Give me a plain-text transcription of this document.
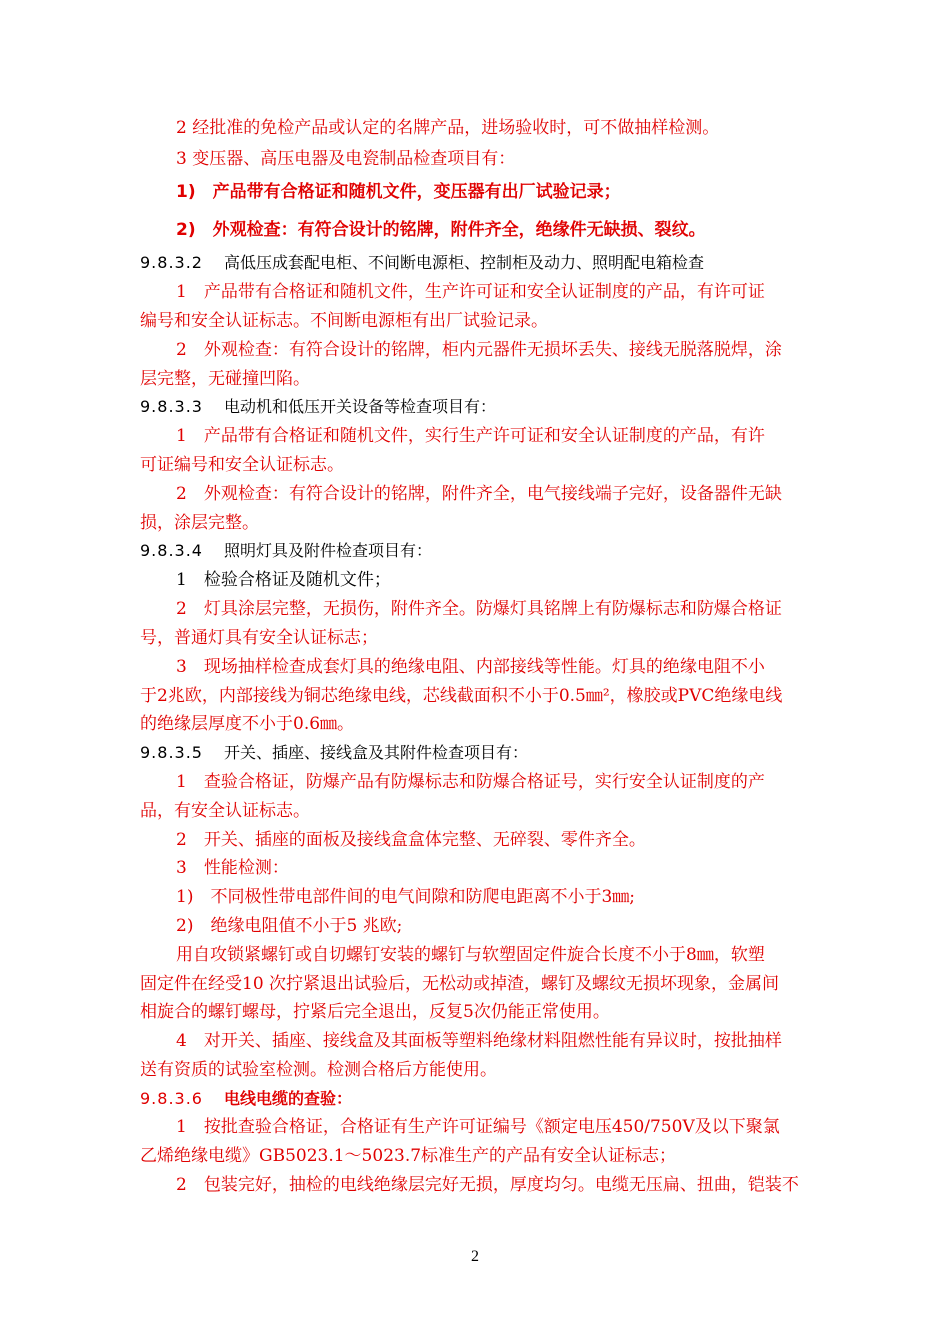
2 经批准的免检产品或认定的名牌产品，进场验收时，可不做抽样检测。
3 变压器、高压电器及电瓷制品检查项目有：
1)　产品带有合格证和随机文件，变压器有出厂试验记录；
2)　外观检查：有符合设计的铭牌，附件齐全，绝缘件无缺损、裂纹。
9.8.3.2 高低压成套配电柜、不间断电源柜、控制柜及动力、照明配电箱检查
1　产品带有合格证和随机文件，生产许可证和安全认证制度的产品，有许可证
编号和安全认证标志。不间断电源柜有出厂试验记录。
2　外观检查：有符合设计的铭牌，柜内元器件无损坏丢失、接线无脱落脱焊，涂
层完整，无碰撞凹陷。
9.8.3.3 电动机和低压开关设备等检查项目有：
1　产品带有合格证和随机文件，实行生产许可证和安全认证制度的产品，有许
可证编号和安全认证标志。
2　外观检查：有符合设计的铭牌，附件齐全，电气接线端子完好，设备器件无缺
损，涂层完整。
9.8.3.4 照明灯具及附件检查项目有：
1　检验合格证及随机文件；
2　灯具涂层完整，无损伤，附件齐全。防爆灯具铭牌上有防爆标志和防爆合格证
号，普通灯具有安全认证标志；
3　现场抽样检查成套灯具的绝缘电阻、内部接线等性能。灯具的绝缘电阻不小
于2兆欧，内部接线为铜芯绝缘电线，芯线截面积不小于0.5㎜²，橡胶或PVC绝缘电线
的绝缘层厚度不小于0.6㎜。
9.8.3.5 开关、插座、接线盒及其附件检查项目有：
1　查验合格证，防爆产品有防爆标志和防爆合格证号，实行安全认证制度的产
品，有安全认证标志。
2　开关、插座的面板及接线盒盒体完整、无碎裂、零件齐全。
3　性能检测：
1)　不同极性带电部件间的电气间隙和防爬电距离不小于3㎜;
2)　绝缘电阻值不小于5 兆欧;
用自攻锁紧螺钉或自切螺钉安装的螺钉与软塑固定件旋合长度不小于8㎜，软塑
固定件在经受10 次拧紧退出试验后，无松动或掉渣，螺钉及螺纹无损坏现象，金属间
相旋合的螺钉螺母，拧紧后完全退出，反复5次仍能正常使用。
4　对开关、插座、接线盒及其面板等塑料绝缘材料阻燃性能有异议时，按批抽样
送有资质的试验室检测。检测合格后方能使用。
9.8.3.6 电线电缆的查验：
1　按批查验合格证，合格证有生产许可证编号《额定电压450/750V及以下聚氯
乙烯绝缘电缆》GB5023.1～5023.7标准生产的产品有安全认证标志；
2　包装完好，抽检的电线绝缘层完好无损，厚度均匀。电缆无压扁、扭曲，铠装不
2
